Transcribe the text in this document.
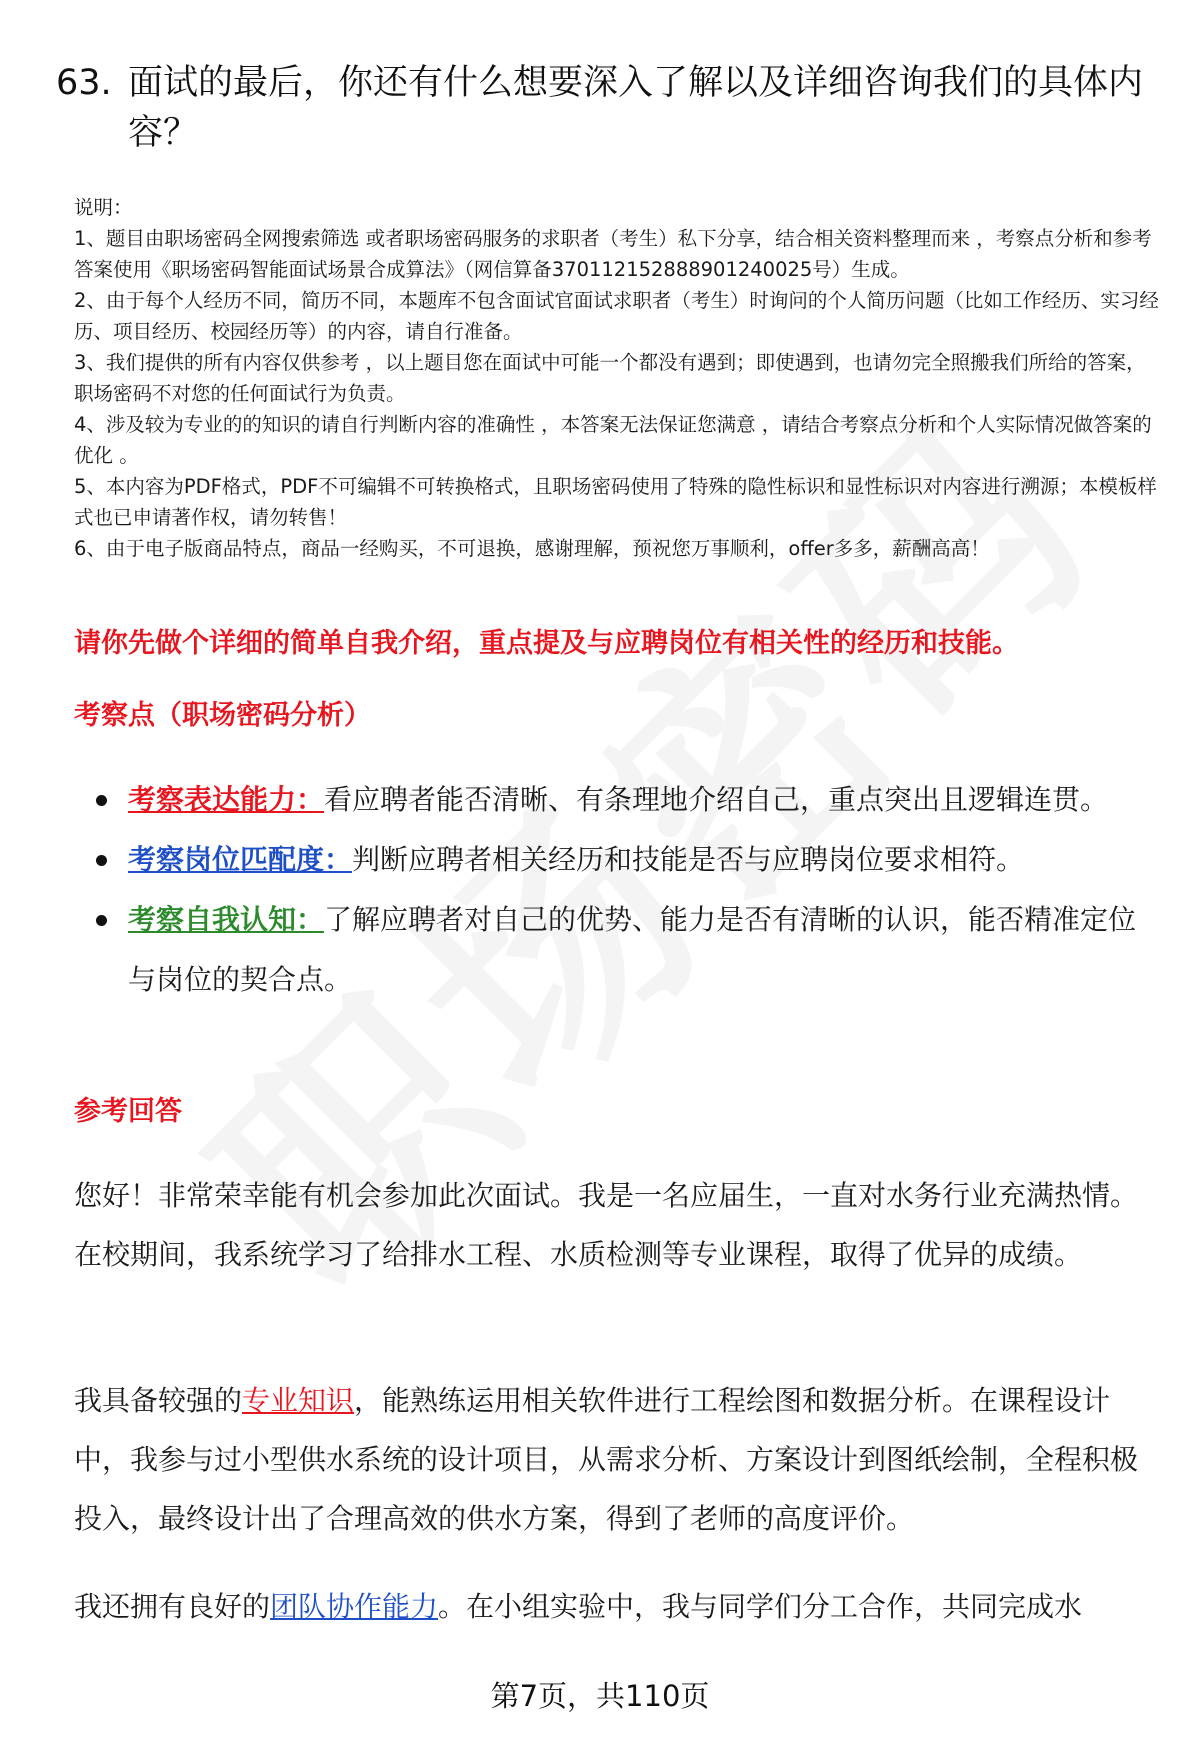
63. 面试的最后，你还有什么想要深入了解以及详细咨询我们的具体内容？

说明：

1、题目由职场密码全网搜索筛选 或者职场密码服务的求职者（考生）私下分享，结合相关资料整理而来 ，考察点分析和参考答案使用《职场密码智能面试场景合成算法》（网信算备370112152888901240025号）生成。

2、由于每个人经历不同，简历不同，本题库不包含面试官面试求职者（考生）时询问的个人简历问题（比如工作经历、实习经历、项目经历、校园经历等）的内容，请自行准备。

3、我们提供的所有内容仅供参考 ，以上题目您在面试中可能一个都没有遇到；即使遇到，也请勿完全照搬我们所给的答案，职场密码不对您的任何面试行为负责。

4、涉及较为专业的的知识的请自行判断内容的准确性 ，本答案无法保证您满意 ，请结合考察点分析和个人实际情况做答案的优化 。

5、本内容为PDF格式，PDF不可编辑不可转换格式，且职场密码使用了特殊的隐性标识和显性标识对内容进行溯源；本模板样式也已申请著作权，请勿转售！

6、由于电子版商品特点，商品一经购买，不可退换，感谢理解，预祝您万事顺利，offer多多，薪酬高高！

请你先做个详细的简单自我介绍，重点提及与应聘岗位有相关性的经历和技能。
考察点（职场密码分析）
考察表达能力：看应聘者能否清晰、有条理地介绍自己，重点突出且逻辑连贯。
考察岗位匹配度：判断应聘者相关经历和技能是否与应聘岗位要求相符。
考察自我认知：了解应聘者对自己的优势、能力是否有清晰的认识，能否精准定位与岗位的契合点。
参考回答

您好！非常荣幸能有机会参加此次面试。我是一名应届生，一直对水务行业充满热情。在校期间，我系统学习了给排水工程、水质检测等专业课程，取得了优异的成绩。

我具备较强的专业知识，能熟练运用相关软件进行工程绘图和数据分析。在课程设计中，我参与过小型供水系统的设计项目，从需求分析、方案设计到图纸绘制，全程积极投入，最终设计出了合理高效的供水方案，得到了老师的高度评价。

我还拥有良好的团队协作能力。在小组实验中，我与同学们分工合作，共同完成水

第7页，共110页
